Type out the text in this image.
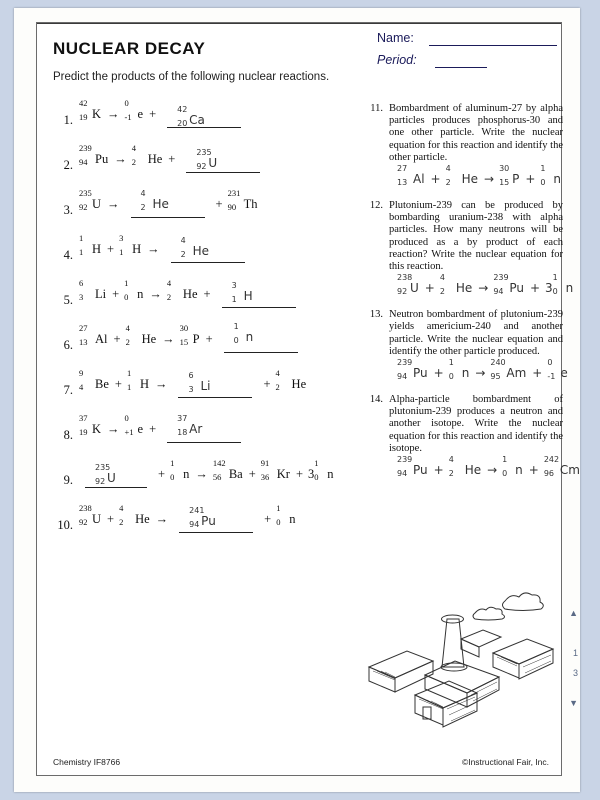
NUCLEAR DECAY
Predict the products of the following nuclear reactions.
Name:
Period:
1.
42
19 K →
0
-1 e +	42
20 Ca
2.
239
94 Pu →
4
2 He +	235
92 U
3.
235
92 U →
4
2 He	+
231
90 Th
4.
1
1 H +
3
1 H →
4
2 He
5.
6
3 Li +
1
0 n →
4
2 He +
3
1 H
6.
27
13 Al +
4
2 He →
30
15 P +
1
0 n
7.
9
4 Be +
1
1 H →
6
3 Li	+
4
2 He
8.
37
19 K →
0
+1 e +
37
18 Ar
9.
235
92 U	+
1
0 n →
142
56 Ba +
91
36 Kr + 3
1
0 n
10.
238
92 U +
4
2 He →
241
94 Pu	+
1
0 n
11. Bombardment of aluminum-27 by alpha particles produces phosphorus-30 and one other particle. Write the nuclear equation for this reaction and identify the other particle.
27
13 Al +
4
2 He →
30
15 P +
1
0 n
12. Plutonium-239 can be produced by bombarding uranium-238 with alpha particles. How many neutrons will be produced as a by product of each reaction? Write the nuclear equation for this reaction.
238
92 U +
4
2 He →
239
94 Pu + 3
1
0 n
13. Neutron bombardment of plutonium-239 yields americium-240 and another particle. Write the nuclear equation and identify the other particle produced.
239
94 Pu +
1
0 n →
240
95 Am +
0
-1 e
14. Alpha-particle bombardment of plutonium-239 produces a neutron and another isotope. Write the nuclear equation for this reaction and identify the isotope.
239
94 Pu +
4
2 He →
1
0 n +
242
96 Cm
Chemistry IF8766	©Instructional Fair, Inc.
▲
1
3
▼
